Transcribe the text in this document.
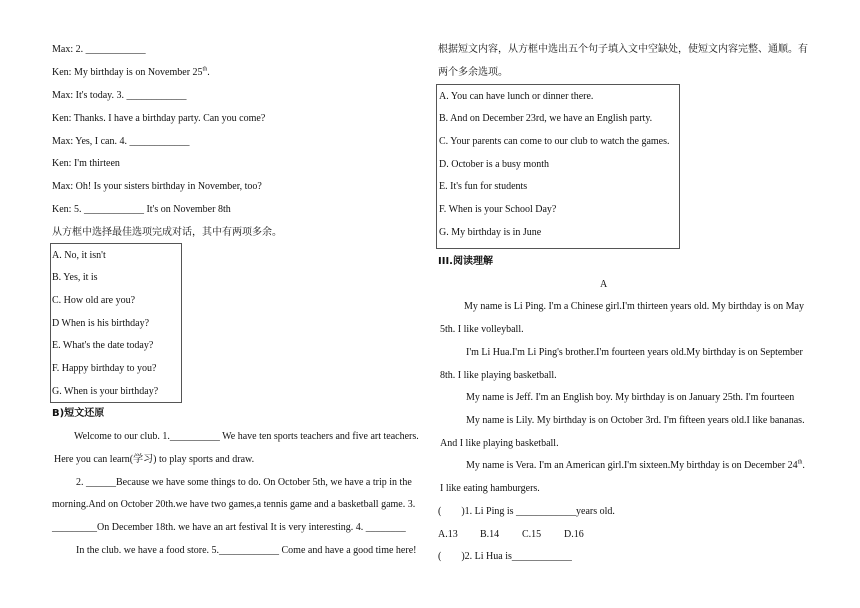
Max: 2. ____________
Ken: My birthday is on November 25th.
Max: It's today. 3. ____________
Ken: Thanks. I have a birthday party. Can you come?
Max: Yes, I can. 4. ____________
Ken: I'm thirteen
Max: Oh! Is your sisters birthday in November, too?
Ken: 5. ____________ It's on November 8th
从方框中选择最佳选项完成对话，其中有两项多余。
A. No, it isn't
B. Yes, it is
C. How old are you?
D When is his birthday?
E. What's the date today?
F. Happy birthday to you?
G. When is your birthday?
B)短文还原
Welcome to our club. 1.__________ We have ten sports teachers and five art teachers.
Here you can learn(学习) to play sports and draw.
2. ______Because we have some things to do. On October 5th, we have a trip in the
morning.And on October 20th.we have two games,a tennis game and a basketball game. 3.
_________On December 18th. we have an art festival It is very interesting. 4. ________
In the club. we have a food store. 5.____________ Come and have a good time here!
根据短文内容，从方框中选出五个句子填入文中空缺处，使短文内容完整、通顺。有
两个多余选项。
A. You can have lunch or dinner there.
B. And on December 23rd, we have an English party.
C. Your parents can come to our club to watch the games.
D. October is a busy month
E. It's fun for students
F. When is your School Day?
G. My birthday is in June
III.阅读理解
A
My name is Li Ping. I'm a Chinese girl.I'm thirteen years old. My birthday is on May
5th. I like volleyball.
I'm Li Hua.I'm Li Ping's brother.I'm fourteen years old.My birthday is on September
8th. I like playing basketball.
My name is Jeff. I'm an English boy. My birthday is on January 25th. I'm fourteen
My name is Lily. My birthday is on October 3rd. I'm fifteen years old.I like bananas.
And I like playing basketball.
My name is Vera. I'm an American girl.I'm sixteen.My birthday is on December 24th.
I like eating hamburgers.
(　　)1. Li Ping is ____________years old.
A.13 B.14 C.15 D.16
(　　)2. Li Hua is____________
